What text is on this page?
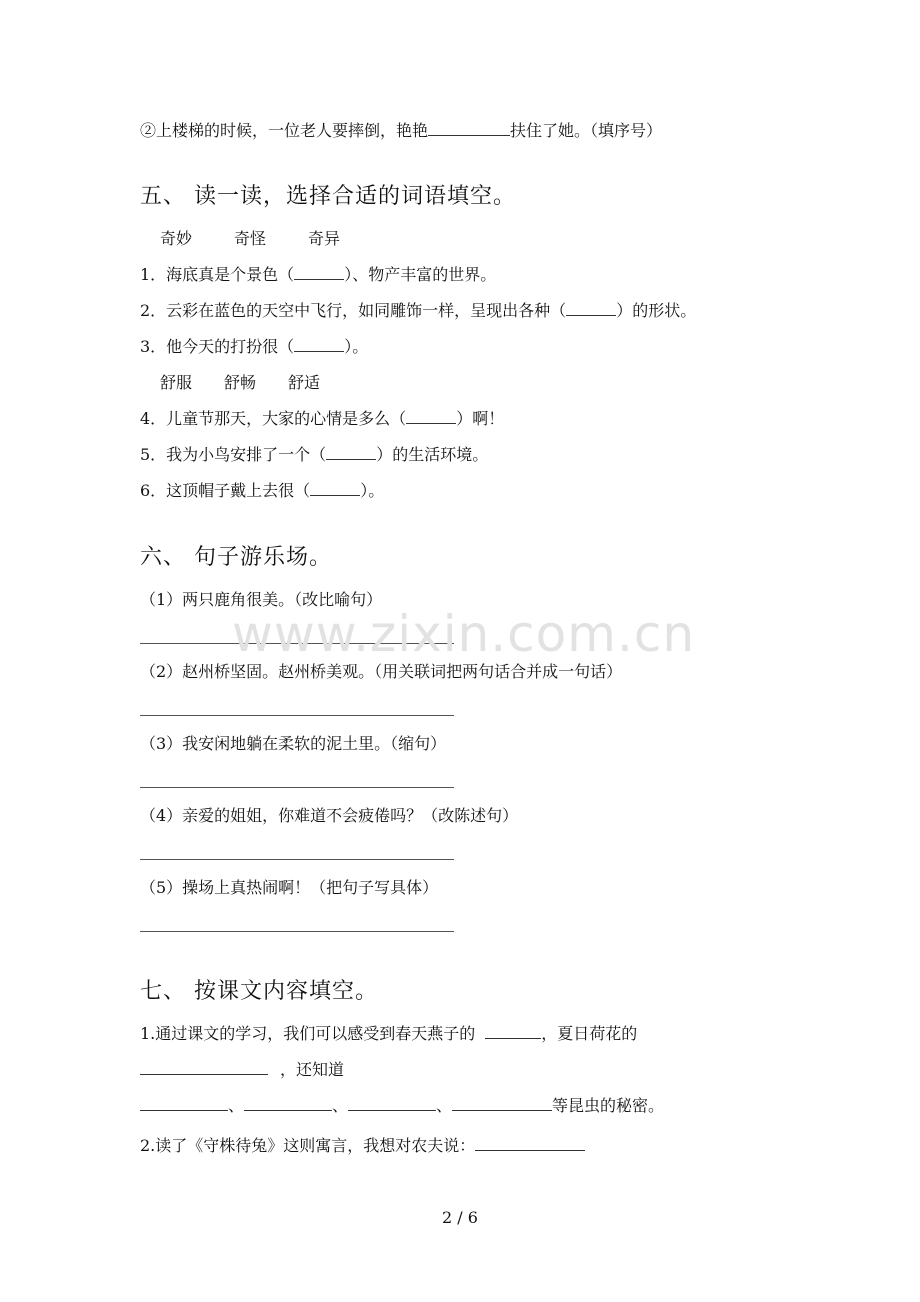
②上楼梯的时候，一位老人要摔倒，艳艳	扶住了她。（填序号）
五、 读一读，选择合适的词语填空。
奇妙	奇怪	奇异
1．海底真是个景色（	）、物产丰富的世界。
2．云彩在蓝色的天空中飞行，如同雕饰一样，呈现出各种（	）的形状。
3．他今天的打扮很（	）。
舒服 舒畅 舒适
4．儿童节那天，大家的心情是多么（	）啊！
5．我为小鸟安排了一个（	）的生活环境。
6．这顶帽子戴上去很（	）。
六、 句子游乐场。
（1）两只鹿角很美。（改比喻句）
（2）赵州桥坚固。赵州桥美观。（用关联词把两句话合并成一句话）
（3）我安闲地躺在柔软的泥土里。（缩句）
（4）亲爱的姐姐，你难道不会疲倦吗？（改陈述句）
（5）操场上真热闹啊！（把句子写具体）
www.zixin.com.cn
七、 按课文内容填空。
1.通过课文的学习，我们可以感受到春天燕子的	，夏日荷花的
，还知道
、	、	、	等昆虫的秘密。
2.读了《守株待兔》这则寓言，我想对农夫说：
2 / 6
